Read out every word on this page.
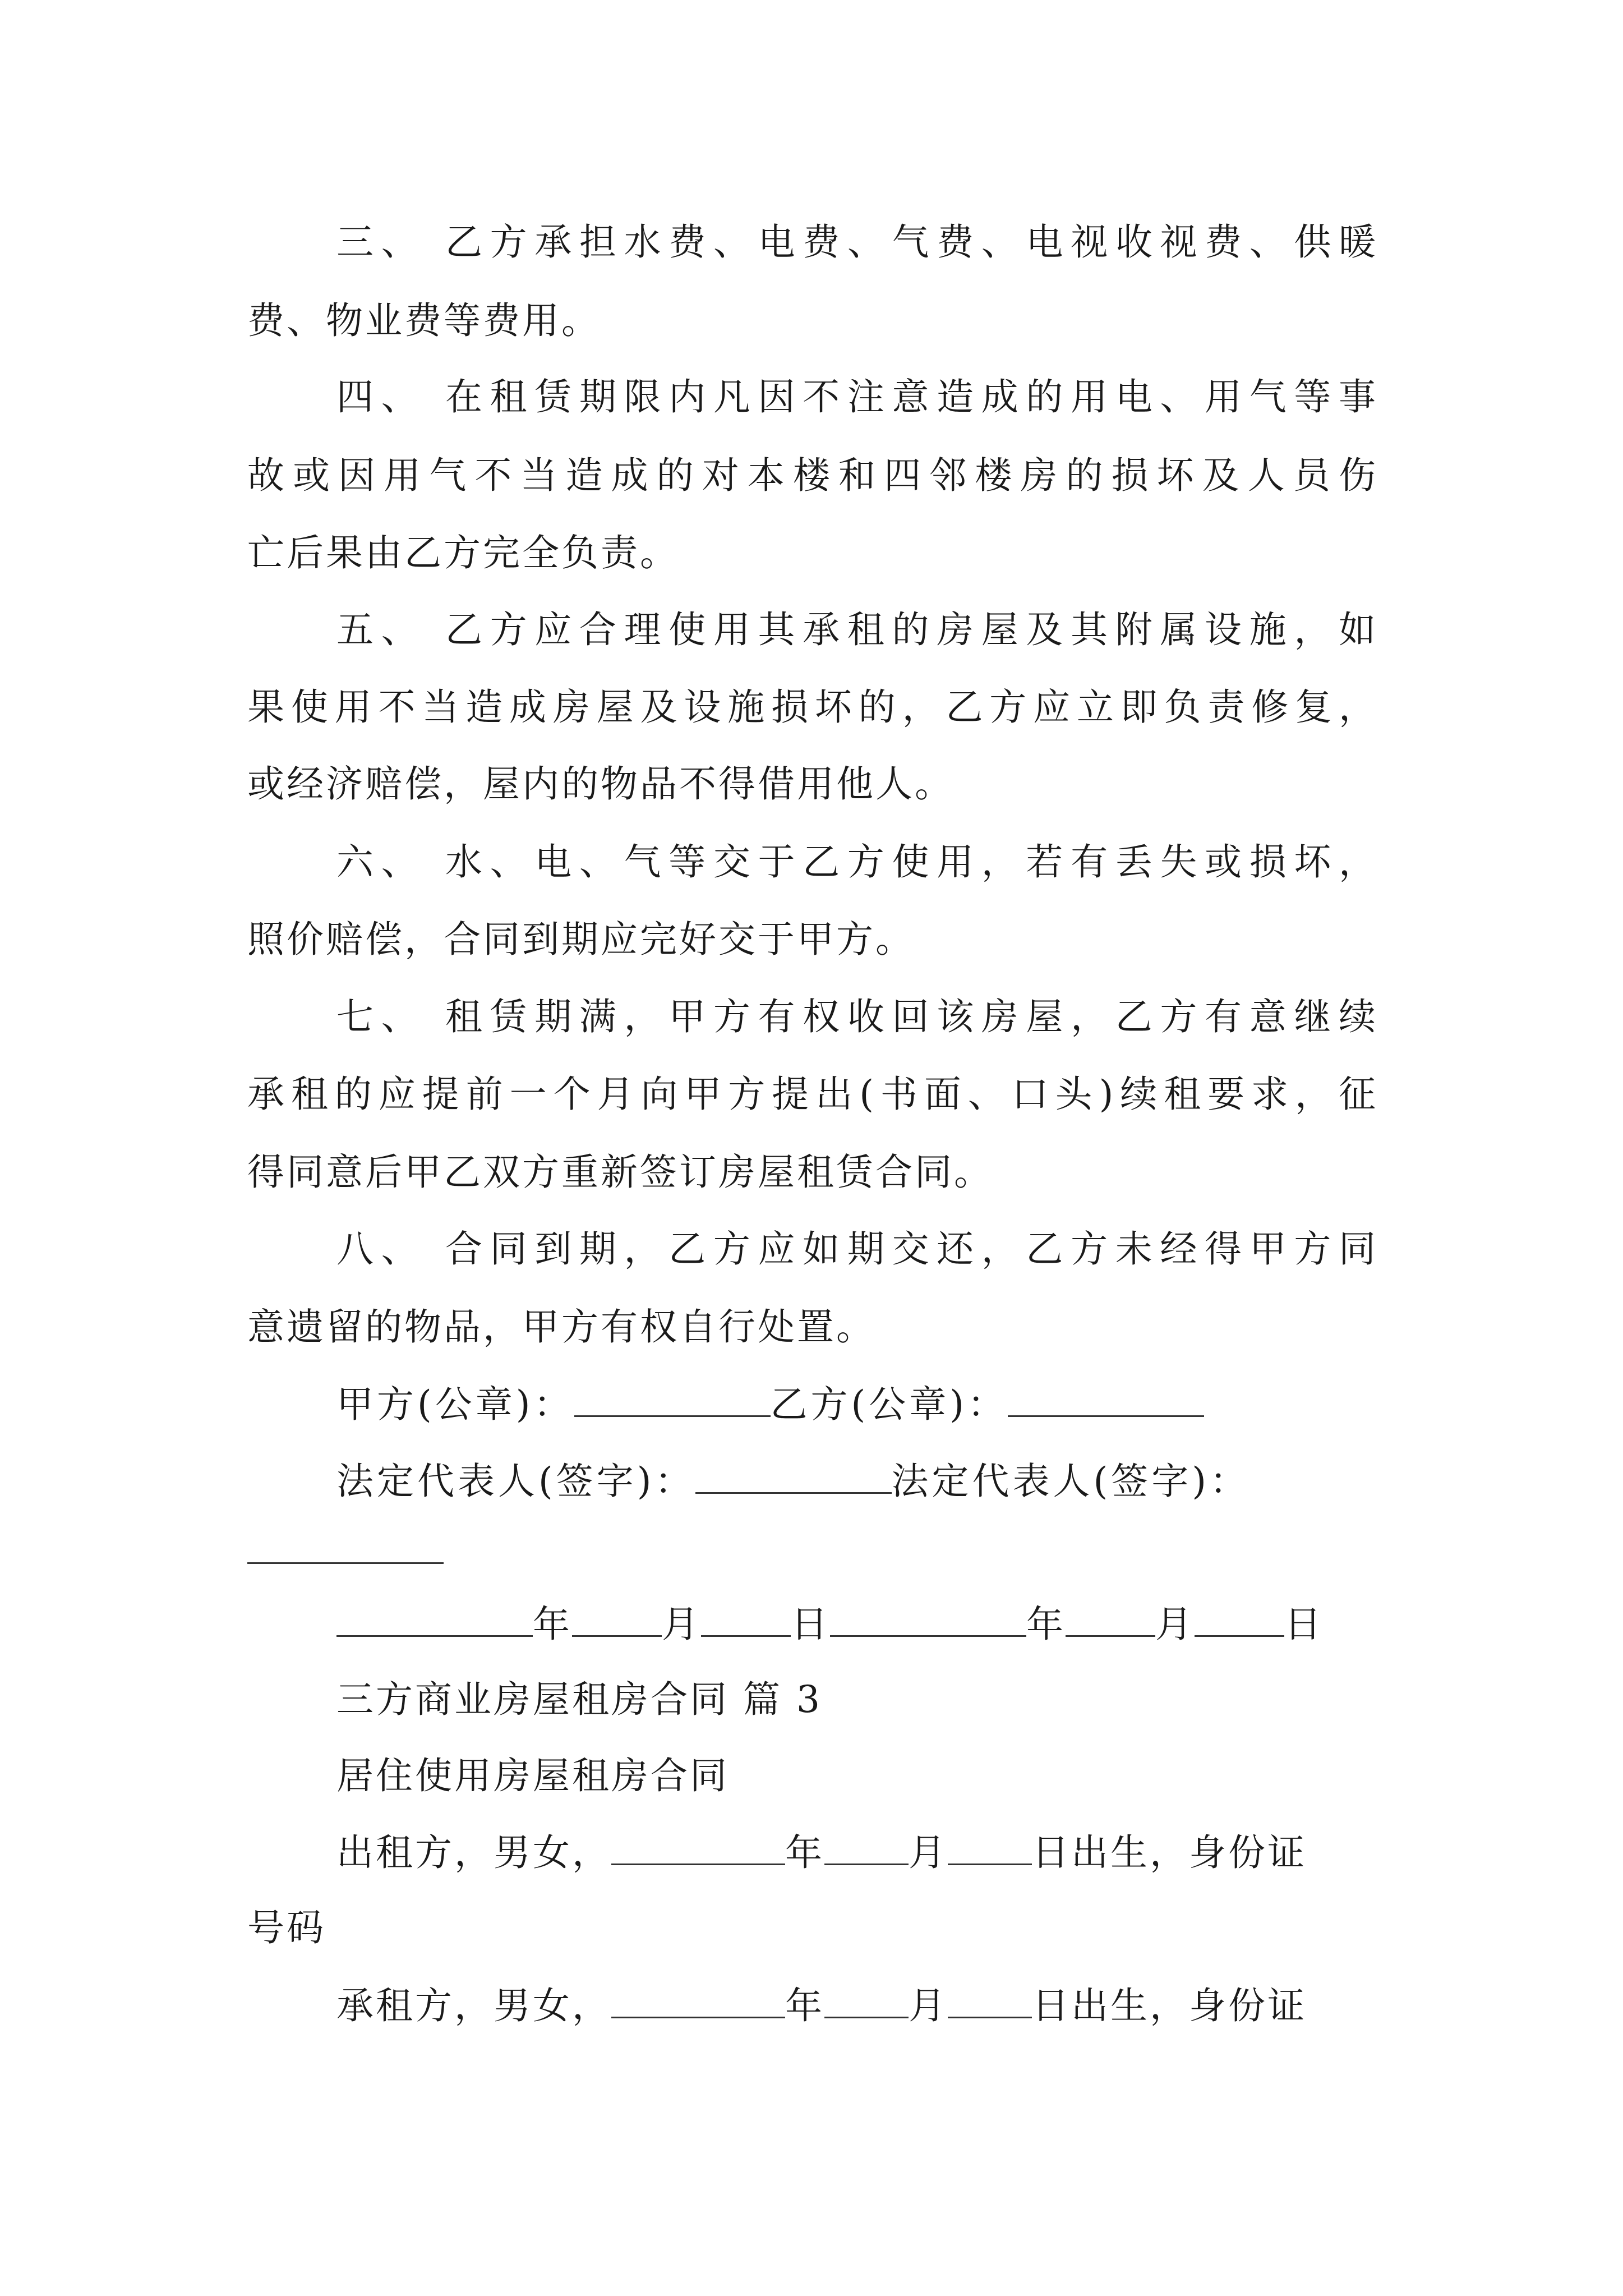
三、 乙方承担水费、电费、气费、电视收视费、供暖
费、物业费等费用。
四、 在租赁期限内凡因不注意造成的用电、用气等事
故或因用气不当造成的对本楼和四邻楼房的损坏及人员伤
亡后果由乙方完全负责。
五、 乙方应合理使用其承租的房屋及其附属设施，如
果使用不当造成房屋及设施损坏的，乙方应立即负责修复，
或经济赔偿，屋内的物品不得借用他人。
六、 水、电、气等交于乙方使用，若有丢失或损坏，
照价赔偿，合同到期应完好交于甲方。
七、 租赁期满，甲方有权收回该房屋，乙方有意继续
承租的应提前一个月向甲方提出(书面、口头)续租要求，征
得同意后甲乙双方重新签订房屋租赁合同。
八、 合同到期，乙方应如期交还，乙方未经得甲方同
意遗留的物品，甲方有权自行处置。
甲方(公章)：	乙方(公章)：
法定代表人(签字)：	法定代表人(签字)：
年 月 日	年 月 日
三方商业房屋租房合同 篇 3
居住使用房屋租房合同
出租方，男女，	年 月 日出生，身份证
号码
承租方，男女，	年 月 日出生，身份证
